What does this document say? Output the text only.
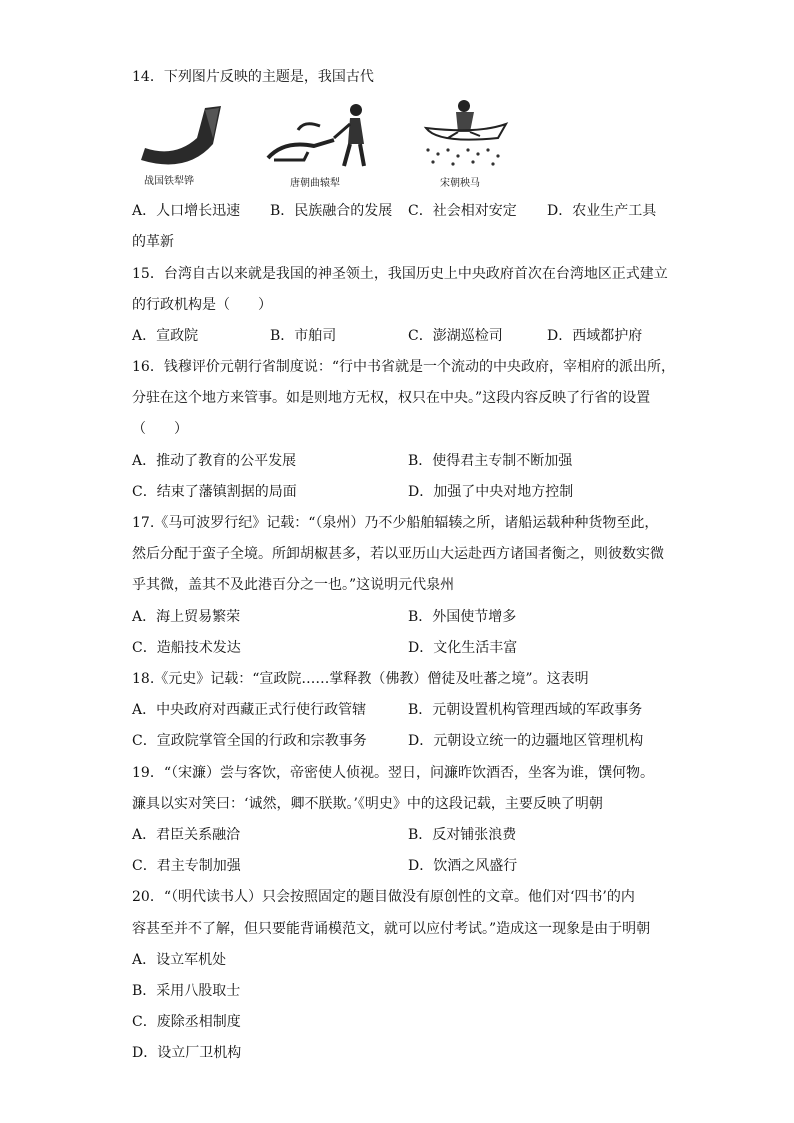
14．下列图片反映的主题是，我国古代
战国铁犁铧	唐朝曲辕犁	宋朝秧马
A．人口增长迅速 B．民族融合的发展 C．社会相对安定 D．农业生产工具
的革新
15．台湾自古以来就是我国的神圣领土，我国历史上中央政府首次在台湾地区正式建立
的行政机构是（　　）
A．宣政院	B．市舶司	C．澎湖巡检司	D．西域都护府
16．钱穆评价元朝行省制度说：“行中书省就是一个流动的中央政府，宰相府的派出所，
分驻在这个地方来管事。如是则地方无权，权只在中央。”这段内容反映了行省的设置
（　　）
A．推动了教育的公平发展	B．使得君主专制不断加强
C．结束了藩镇割据的局面	D．加强了中央对地方控制
17.《马可波罗行纪》记载：“（泉州）乃不少船舶辐辏之所，诸船运载种种货物至此，
然后分配于蛮子全境。所卸胡椒甚多，若以亚历山大运赴西方诸国者衡之，则彼数实微
乎其微，盖其不及此港百分之一也。”这说明元代泉州
A．海上贸易繁荣	B．外国使节增多
C．造船技术发达	D．文化生活丰富
18.《元史》记载：“宣政院……掌释教（佛教）僧徒及吐蕃之境”。这表明
A．中央政府对西藏正式行使行政管辖	B．元朝设置机构管理西域的军政事务
C．宣政院掌管全国的行政和宗教事务	D．元朝设立统一的边疆地区管理机构
19．“（宋濂）尝与客饮，帝密使人侦视。翌日，问濂昨饮酒否，坐客为谁，馔何物。
濂具以实对笑曰：‘诚然，卿不朕欺。’《明史》中的这段记载，主要反映了明朝
A．君臣关系融洽	B．反对铺张浪费
C．君主专制加强	D．饮酒之风盛行
20．“（明代读书人）只会按照固定的题目做没有原创性的文章。他们对‘四书’的内
容甚至并不了解，但只要能背诵模范文，就可以应付考试。”造成这一现象是由于明朝
A．设立军机处
B．采用八股取士
C．废除丞相制度
D．设立厂卫机构
